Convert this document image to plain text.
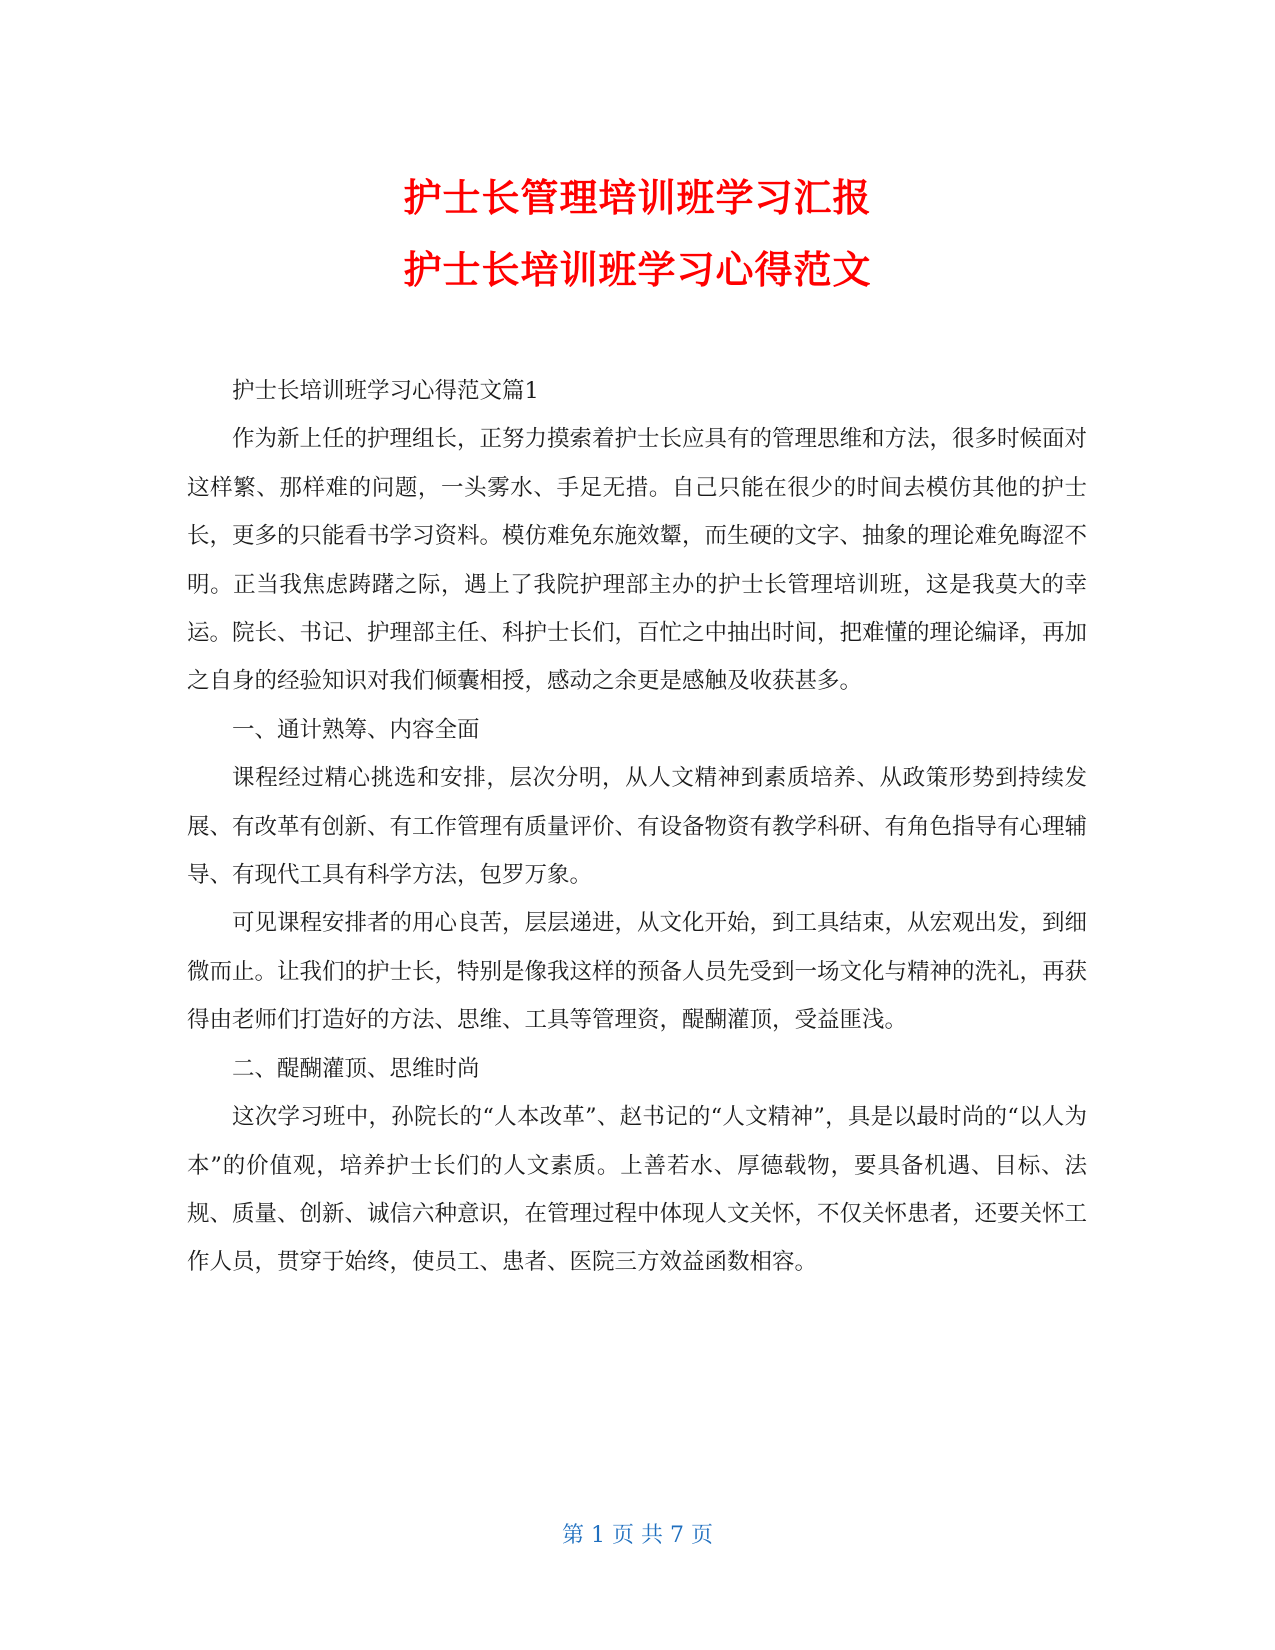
护士长管理培训班学习汇报
护士长培训班学习心得范文

护士长培训班学习心得范文篇1

作为新上任的护理组长，正努力摸索着护士长应具有的管理思维和方法，很多时候面对这样繁、那样难的问题，一头雾水、手足无措。自己只能在很少的时间去模仿其他的护士长，更多的只能看书学习资料。模仿难免东施效颦，而生硬的文字、抽象的理论难免晦涩不明。正当我焦虑踌躇之际，遇上了我院护理部主办的护士长管理培训班，这是我莫大的幸运。院长、书记、护理部主任、科护士长们，百忙之中抽出时间，把难懂的理论编译，再加之自身的经验知识对我们倾囊相授，感动之余更是感触及收获甚多。

一、通计熟筹、内容全面

课程经过精心挑选和安排，层次分明，从人文精神到素质培养、从政策形势到持续发展、有改革有创新、有工作管理有质量评价、有设备物资有教学科研、有角色指导有心理辅导、有现代工具有科学方法，包罗万象。

可见课程安排者的用心良苦，层层递进，从文化开始，到工具结束，从宏观出发，到细微而止。让我们的护士长，特别是像我这样的预备人员先受到一场文化与精神的洗礼，再获得由老师们打造好的方法、思维、工具等管理资，醍醐灌顶，受益匪浅。

二、醍醐灌顶、思维时尚

这次学习班中，孙院长的“人本改革”、赵书记的“人文精神”，具是以最时尚的“以人为本”的价值观，培养护士长们的人文素质。上善若水、厚德载物，要具备机遇、目标、法规、质量、创新、诚信六种意识，在管理过程中体现人文关怀，不仅关怀患者，还要关怀工作人员，贯穿于始终，使员工、患者、医院三方效益函数相容。

第 1 页 共 7 页
